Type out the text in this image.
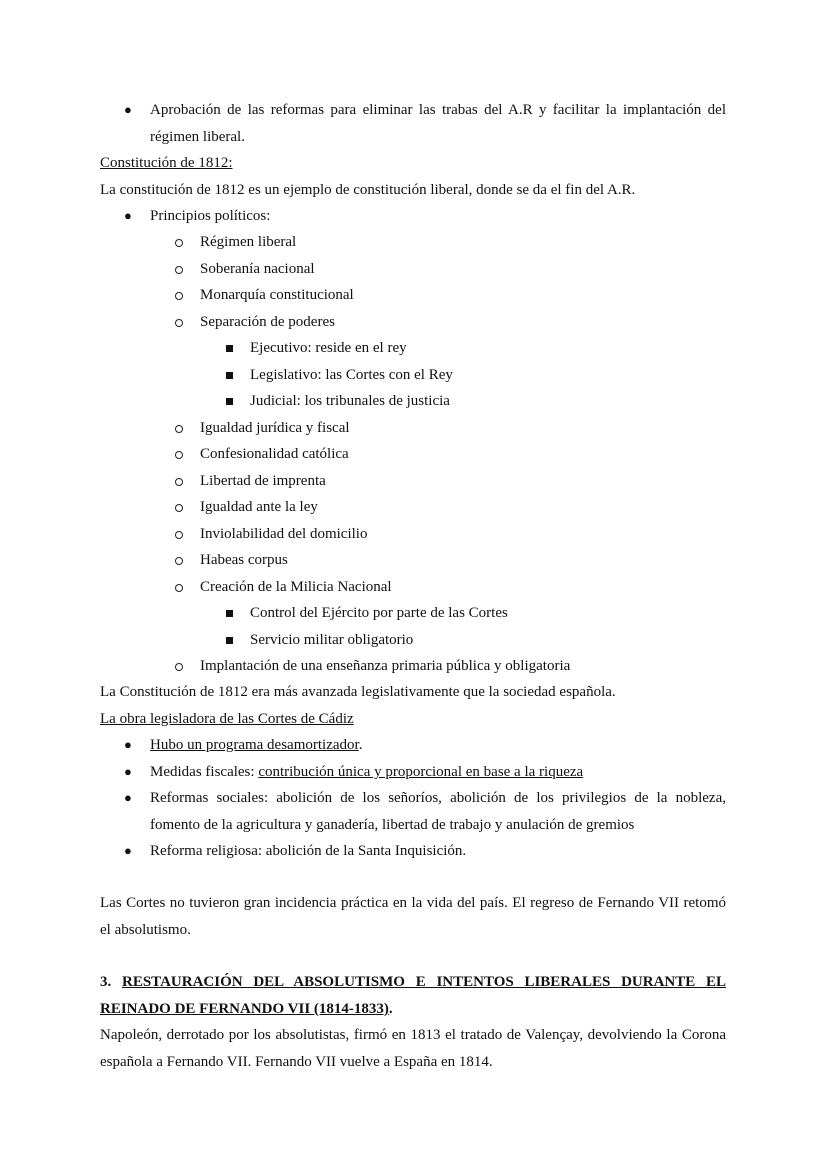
● Aprobación de las reformas para eliminar las trabas del A.R y facilitar la implantación del
régimen liberal.
Constitución de 1812:
La constitución de 1812 es un ejemplo de constitución liberal, donde se da el fin del A.R.
● Principios políticos:
Régimen liberal
Soberanía nacional
Monarquía constitucional
Separación de poderes
Ejecutivo: reside en el rey
Legislativo: las Cortes con el Rey
Judicial: los tribunales de justicia
Igualdad jurídica y fiscal
Confesionalidad católica
Libertad de imprenta
Igualdad ante la ley
Inviolabilidad del domicilio
Habeas corpus
Creación de la Milicia Nacional
Control del Ejército por parte de las Cortes
Servicio militar obligatorio
Implantación de una enseñanza primaria pública y obligatoria
La Constitución de 1812 era más avanzada legislativamente que la sociedad española.
La obra legisladora de las Cortes de Cádiz
● Hubo un programa desamortizador.
● Medidas fiscales: contribución única y proporcional en base a la riqueza
● Reformas sociales: abolición de los señoríos, abolición de los privilegios de la nobleza,
fomento de la agricultura y ganadería, libertad de trabajo y anulación de gremios
● Reforma religiosa: abolición de la Santa Inquisición.
Las Cortes no tuvieron gran incidencia práctica en la vida del país. El regreso de Fernando VII retomó
el absolutismo.
3. RESTAURACIÓN DEL ABSOLUTISMO E INTENTOS LIBERALES DURANTE EL
REINADO DE FERNANDO VII (1814-1833).
Napoleón, derrotado por los absolutistas, firmó en 1813 el tratado de Valençay, devolviendo la Corona
española a Fernando VII. Fernando VII vuelve a España en 1814.
